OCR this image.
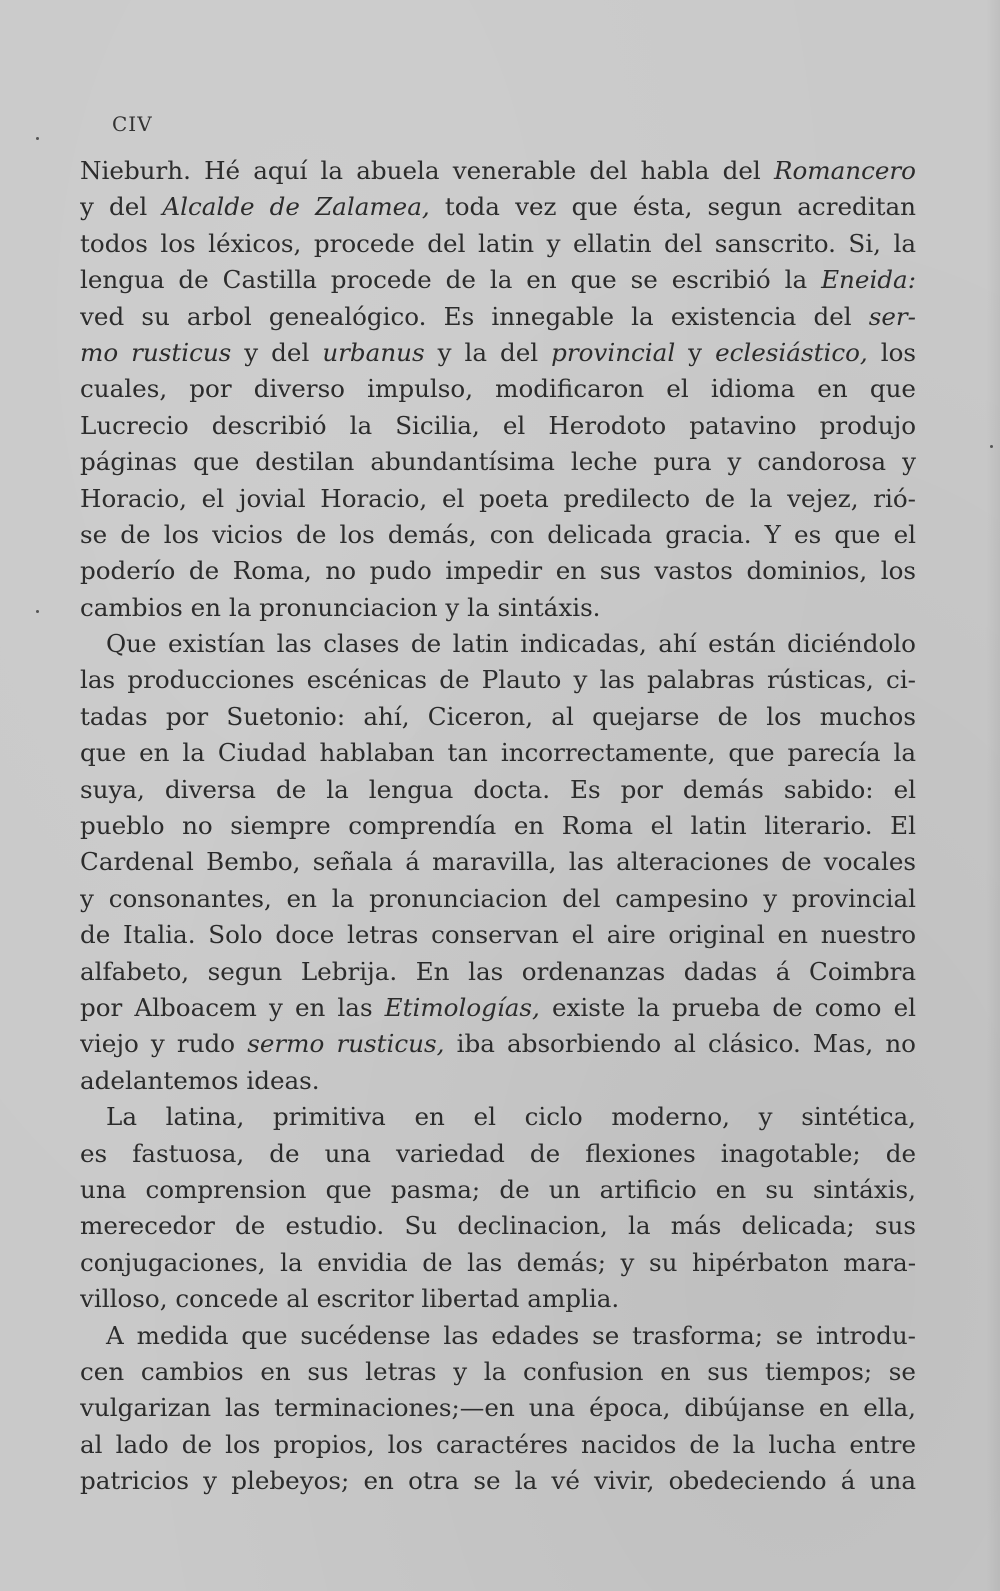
CIV
Nieburh. Hé aquí la abuela venerable del habla del Romancero
y del Alcalde de Zalamea, toda vez que ésta, segun acreditan
todos los léxicos, procede del latin y ellatin del sanscrito. Si, la
lengua de Castilla procede de la en que se escribió la Eneida:
ved su arbol genealógico. Es innegable la existencia del ser-
mo rusticus y del urbanus y la del provincial y eclesiástico, los
cuales, por diverso impulso, modificaron el idioma en que
Lucrecio describió la Sicilia, el Herodoto patavino produjo
páginas que destilan abundantísima leche pura y candorosa y
Horacio, el jovial Horacio, el poeta predilecto de la vejez, rió-
se de los vicios de los demás, con delicada gracia. Y es que el
poderío de Roma, no pudo impedir en sus vastos dominios, los
cambios en la pronunciacion y la sintáxis.
Que existían las clases de latin indicadas, ahí están diciéndolo
las producciones escénicas de Plauto y las palabras rústicas, ci-
tadas por Suetonio: ahí, Ciceron, al quejarse de los muchos
que en la Ciudad hablaban tan incorrectamente, que parecía la
suya, diversa de la lengua docta. Es por demás sabido: el
pueblo no siempre comprendía en Roma el latin literario. El
Cardenal Bembo, señala á maravilla, las alteraciones de vocales
y consonantes, en la pronunciacion del campesino y provincial
de Italia. Solo doce letras conservan el aire original en nuestro
alfabeto, segun Lebrija. En las ordenanzas dadas á Coimbra
por Alboacem y en las Etimologías, existe la prueba de como el
viejo y rudo sermo rusticus, iba absorbiendo al clásico. Mas, no
adelantemos ideas.
La latina, primitiva en el ciclo moderno, y sintética,
es fastuosa, de una variedad de flexiones inagotable; de
una comprension que pasma; de un artificio en su sintáxis,
merecedor de estudio. Su declinacion, la más delicada; sus
conjugaciones, la envidia de las demás; y su hipérbaton mara-
villoso, concede al escritor libertad amplia.
A medida que sucédense las edades se trasforma; se introdu-
cen cambios en sus letras y la confusion en sus tiempos; se
vulgarizan las terminaciones;—en una época, dibújanse en ella,
al lado de los propios, los caractéres nacidos de la lucha entre
patricios y plebeyos; en otra se la vé vivir, obedeciendo á una
